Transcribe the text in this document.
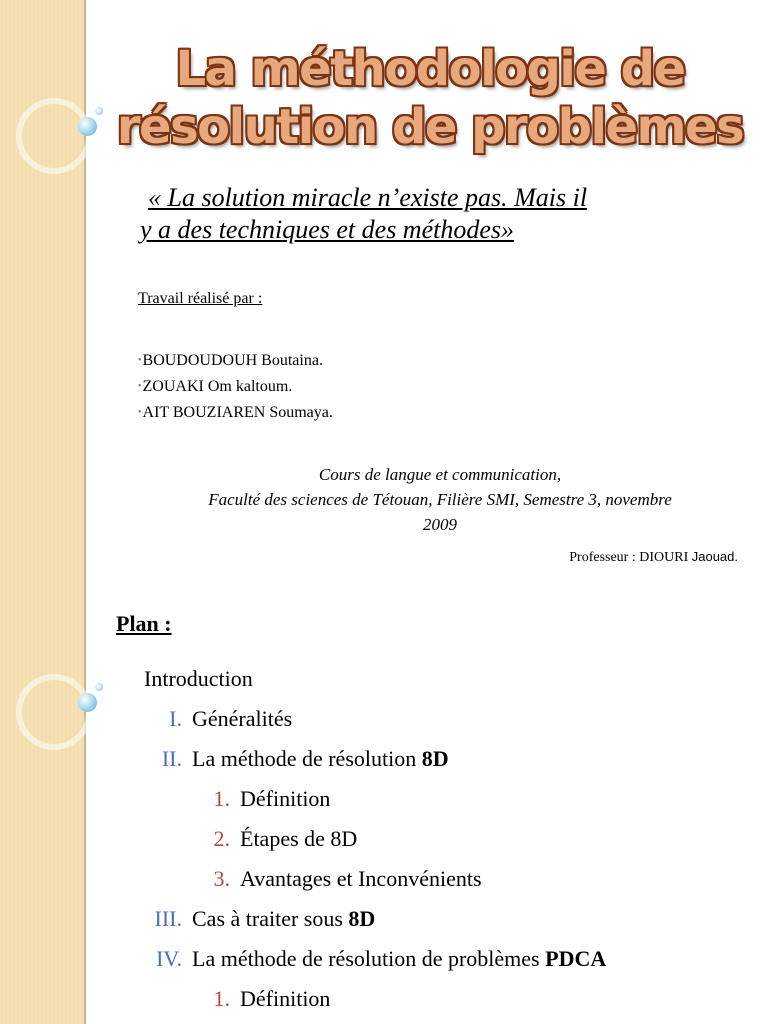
La méthodologie de
résolution de problèmes

« La solution miracle n’existe pas. Mais il
y a des techniques et des méthodes»

Travail réalisé par :
• BOUDOUDOUH Boutaina.
• ZOUAKI Om kaltoum.
• AIT BOUZIAREN Soumaya.
Cours de langue et communication,
Faculté des sciences de Tétouan, Filière SMI, Semestre 3, novembre
2009
Professeur : DIOURI Jaouad.
Plan :
Introduction
I. Généralités
II. La méthode de résolution 8D
1. Définition
2. Étapes de 8D
3. Avantages et Inconvénients
III. Cas à traiter sous 8D
IV. La méthode de résolution de problèmes PDCA
1. Définition
